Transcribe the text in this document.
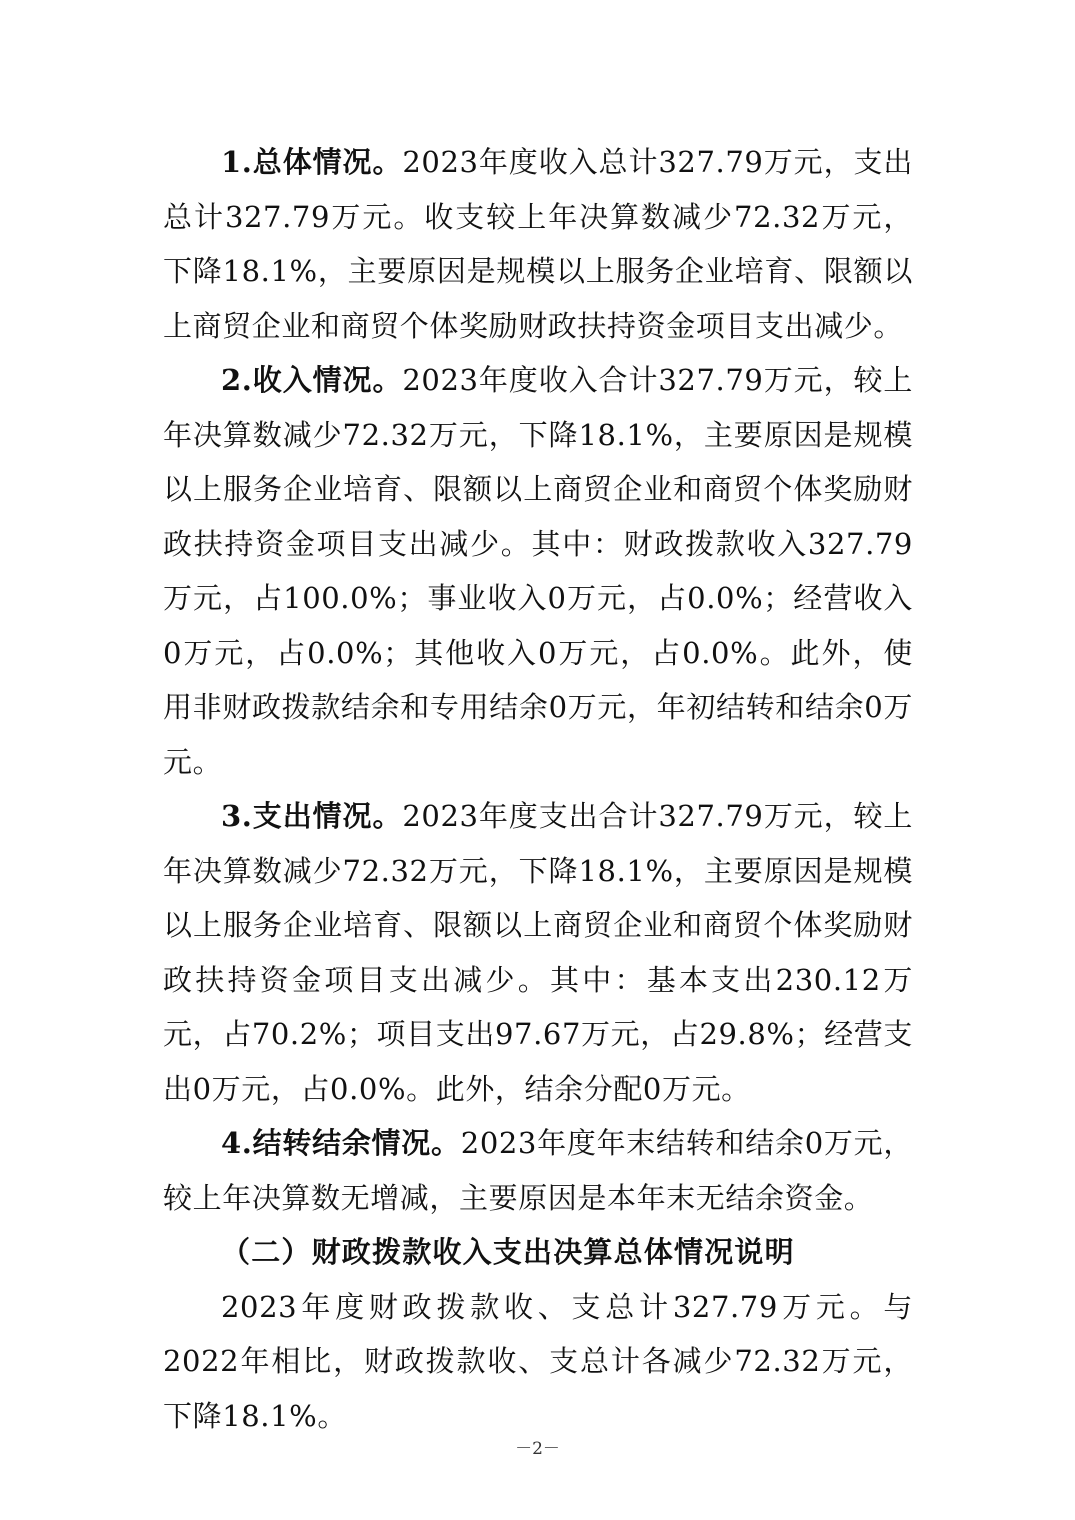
1.总体情况。2023年度收入总计327.79万元，支出总计327.79万元。收支较上年决算数减少72.32万元，下降18.1%，主要原因是规模以上服务企业培育、限额以上商贸企业和商贸个体奖励财政扶持资金项目支出减少。

2.收入情况。2023年度收入合计327.79万元，较上年决算数减少72.32万元，下降18.1%，主要原因是规模以上服务企业培育、限额以上商贸企业和商贸个体奖励财政扶持资金项目支出减少。其中：财政拨款收入327.79万元，占100.0%；事业收入0万元，占0.0%；经营收入0万元，占0.0%；其他收入0万元，占0.0%。此外，使用非财政拨款结余和专用结余0万元，年初结转和结余0万元。

3.支出情况。2023年度支出合计327.79万元，较上年决算数减少72.32万元，下降18.1%，主要原因是规模以上服务企业培育、限额以上商贸企业和商贸个体奖励财政扶持资金项目支出减少。其中：基本支出230.12万元，占70.2%；项目支出97.67万元，占29.8%；经营支出0万元，占0.0%。此外，结余分配0万元。

4.结转结余情况。2023年度年末结转和结余0万元，较上年决算数无增减，主要原因是本年末无结余资金。

（二）财政拨款收入支出决算总体情况说明

2023年度财政拨款收、支总计327.79万元。与2022年相比，财政拨款收、支总计各减少72.32万元，下降18.1%。

－2－
